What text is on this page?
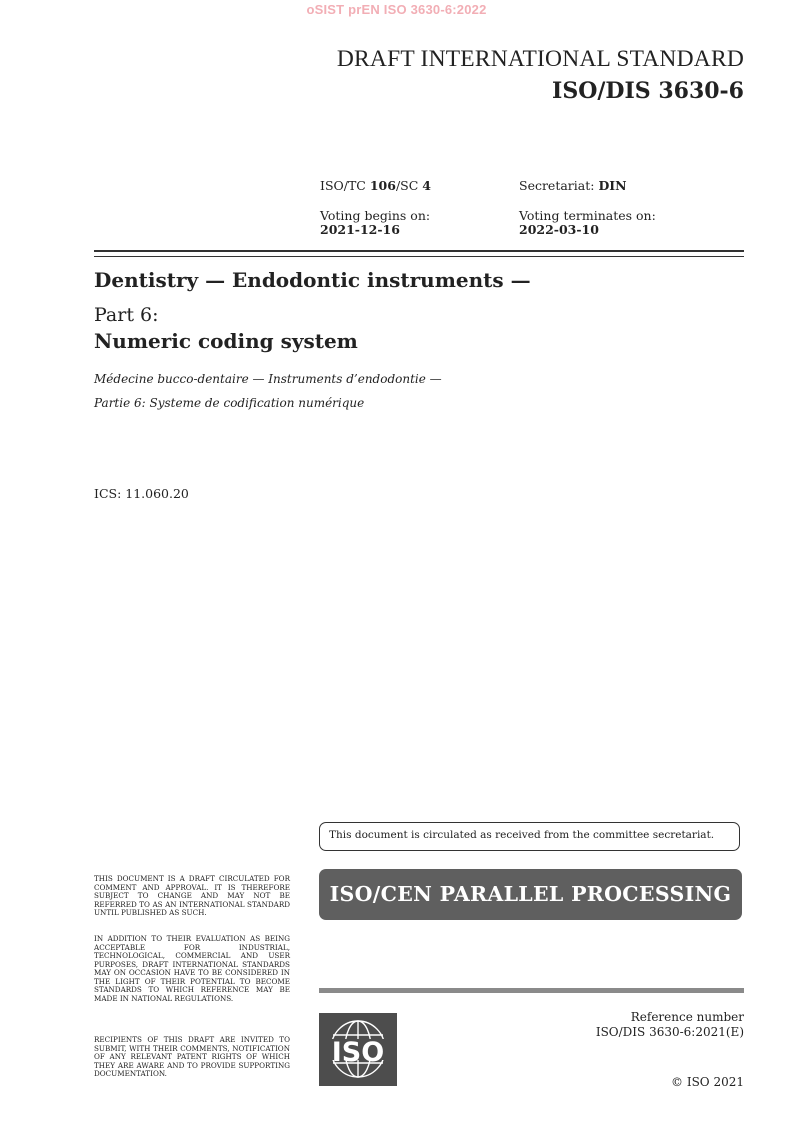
oSIST prEN ISO 3630-6:2022
DRAFT INTERNATIONAL STANDARD
ISO/DIS 3630-6
ISO/TC 106/SC 4	Secretariat: DIN
Voting begins on:
2021-12-16
Voting terminates on:
2022-03-10
Dentistry — Endodontic instruments —
Part 6:
Numeric coding system
Médecine bucco-dentaire — Instruments d’endodontie —
Partie 6: Systeme de codification numérique
ICS: 11.060.20
This document is circulated as received from the committee secretariat.
ISO/CEN PARALLEL PROCESSING
THIS DOCUMENT IS A DRAFT CIRCULATED FOR COMMENT AND APPROVAL. IT IS THEREFORE SUBJECT TO CHANGE AND MAY NOT BE REFERRED TO AS AN INTERNATIONAL STANDARD UNTIL PUBLISHED AS SUCH.
IN ADDITION TO THEIR EVALUATION AS BEING ACCEPTABLE FOR INDUSTRIAL, TECHNOLOGICAL, COMMERCIAL AND USER PURPOSES, DRAFT INTERNATIONAL STANDARDS MAY ON OCCASION HAVE TO BE CONSIDERED IN THE LIGHT OF THEIR POTENTIAL TO BECOME STANDARDS TO WHICH REFERENCE MAY BE MADE IN NATIONAL REGULATIONS.
RECIPIENTS OF THIS DRAFT ARE INVITED TO SUBMIT, WITH THEIR COMMENTS, NOTIFICATION OF ANY RELEVANT PATENT RIGHTS OF WHICH THEY ARE AWARE AND TO PROVIDE SUPPORTING DOCUMENTATION.
ISO
Reference number
ISO/DIS 3630-6:2021(E)
© ISO 2021
